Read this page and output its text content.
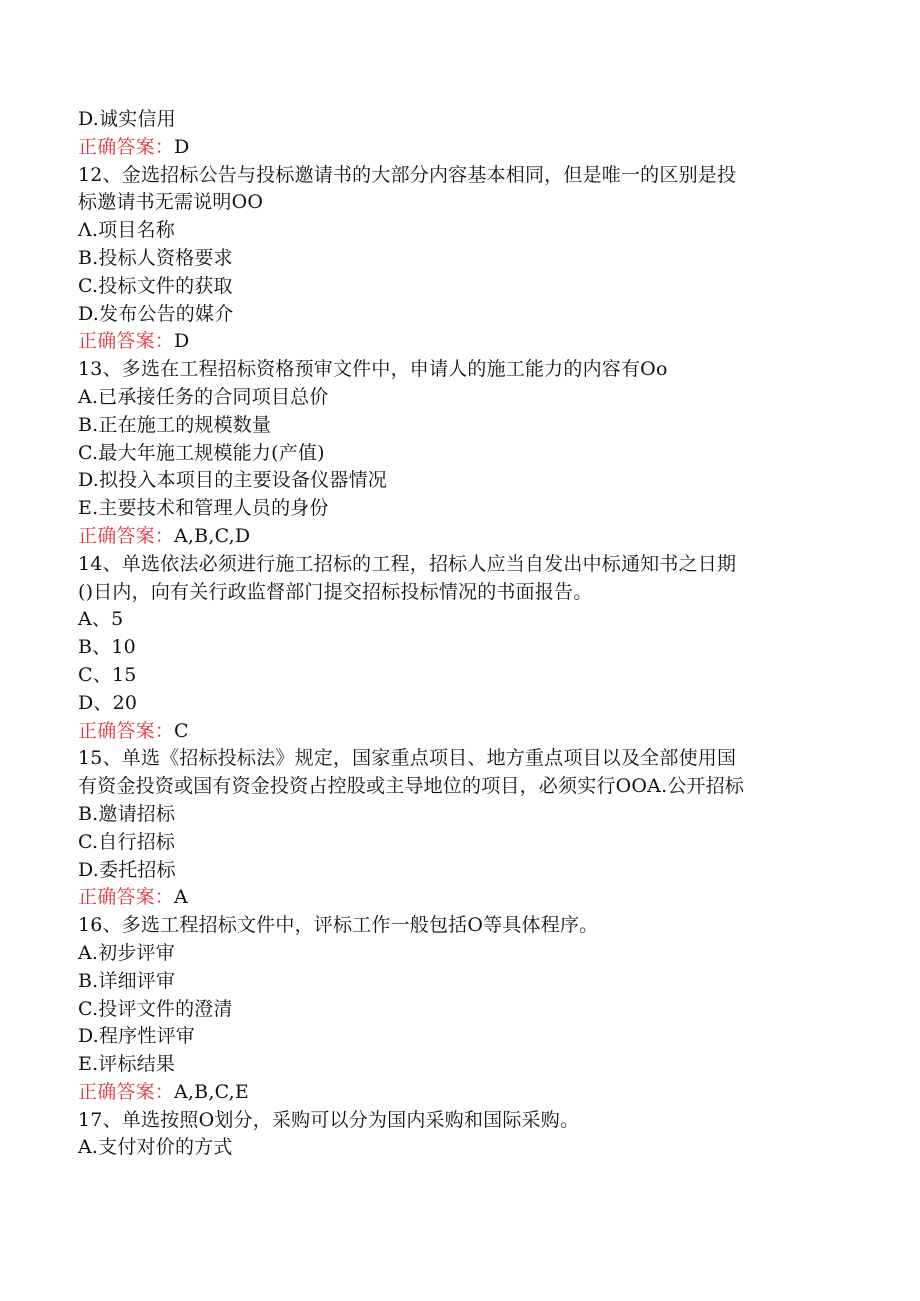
D.诚实信用
正确答案：D
12、金选招标公告与投标邀请书的大部分内容基本相同，但是唯一的区别是投
标邀请书无需说明OO
Λ.项目名称
B.投标人资格要求
C.投标文件的获取
D.发布公告的媒介
正确答案：D
13、多选在工程招标资格预审文件中，申请人的施工能力的内容有Oo
A.已承接任务的合同项目总价
B.正在施工的规模数量
C.最大年施工规模能力(产值)
D.拟投入本项目的主要设备仪器情况
E.主要技术和管理人员的身份
正确答案：A,B,C,D
14、单选依法必须进行施工招标的工程，招标人应当自发出中标通知书之日期
()日内，向有关行政监督部门提交招标投标情况的书面报告。
A、5
B、10
C、15
D、20
正确答案：C
15、单选《招标投标法》规定，国家重点项目、地方重点项目以及全部使用国
有资金投资或国有资金投资占控股或主导地位的项目，必须实行OOA.公开招标
B.邀请招标
C.自行招标
D.委托招标
正确答案：A
16、多选工程招标文件中，评标工作一般包括O等具体程序。
A.初步评审
B.详细评审
C.投评文件的澄清
D.程序性评审
E.评标结果
正确答案：A,B,C,E
17、单选按照O划分，采购可以分为国内采购和国际采购。
A.支付对价的方式
